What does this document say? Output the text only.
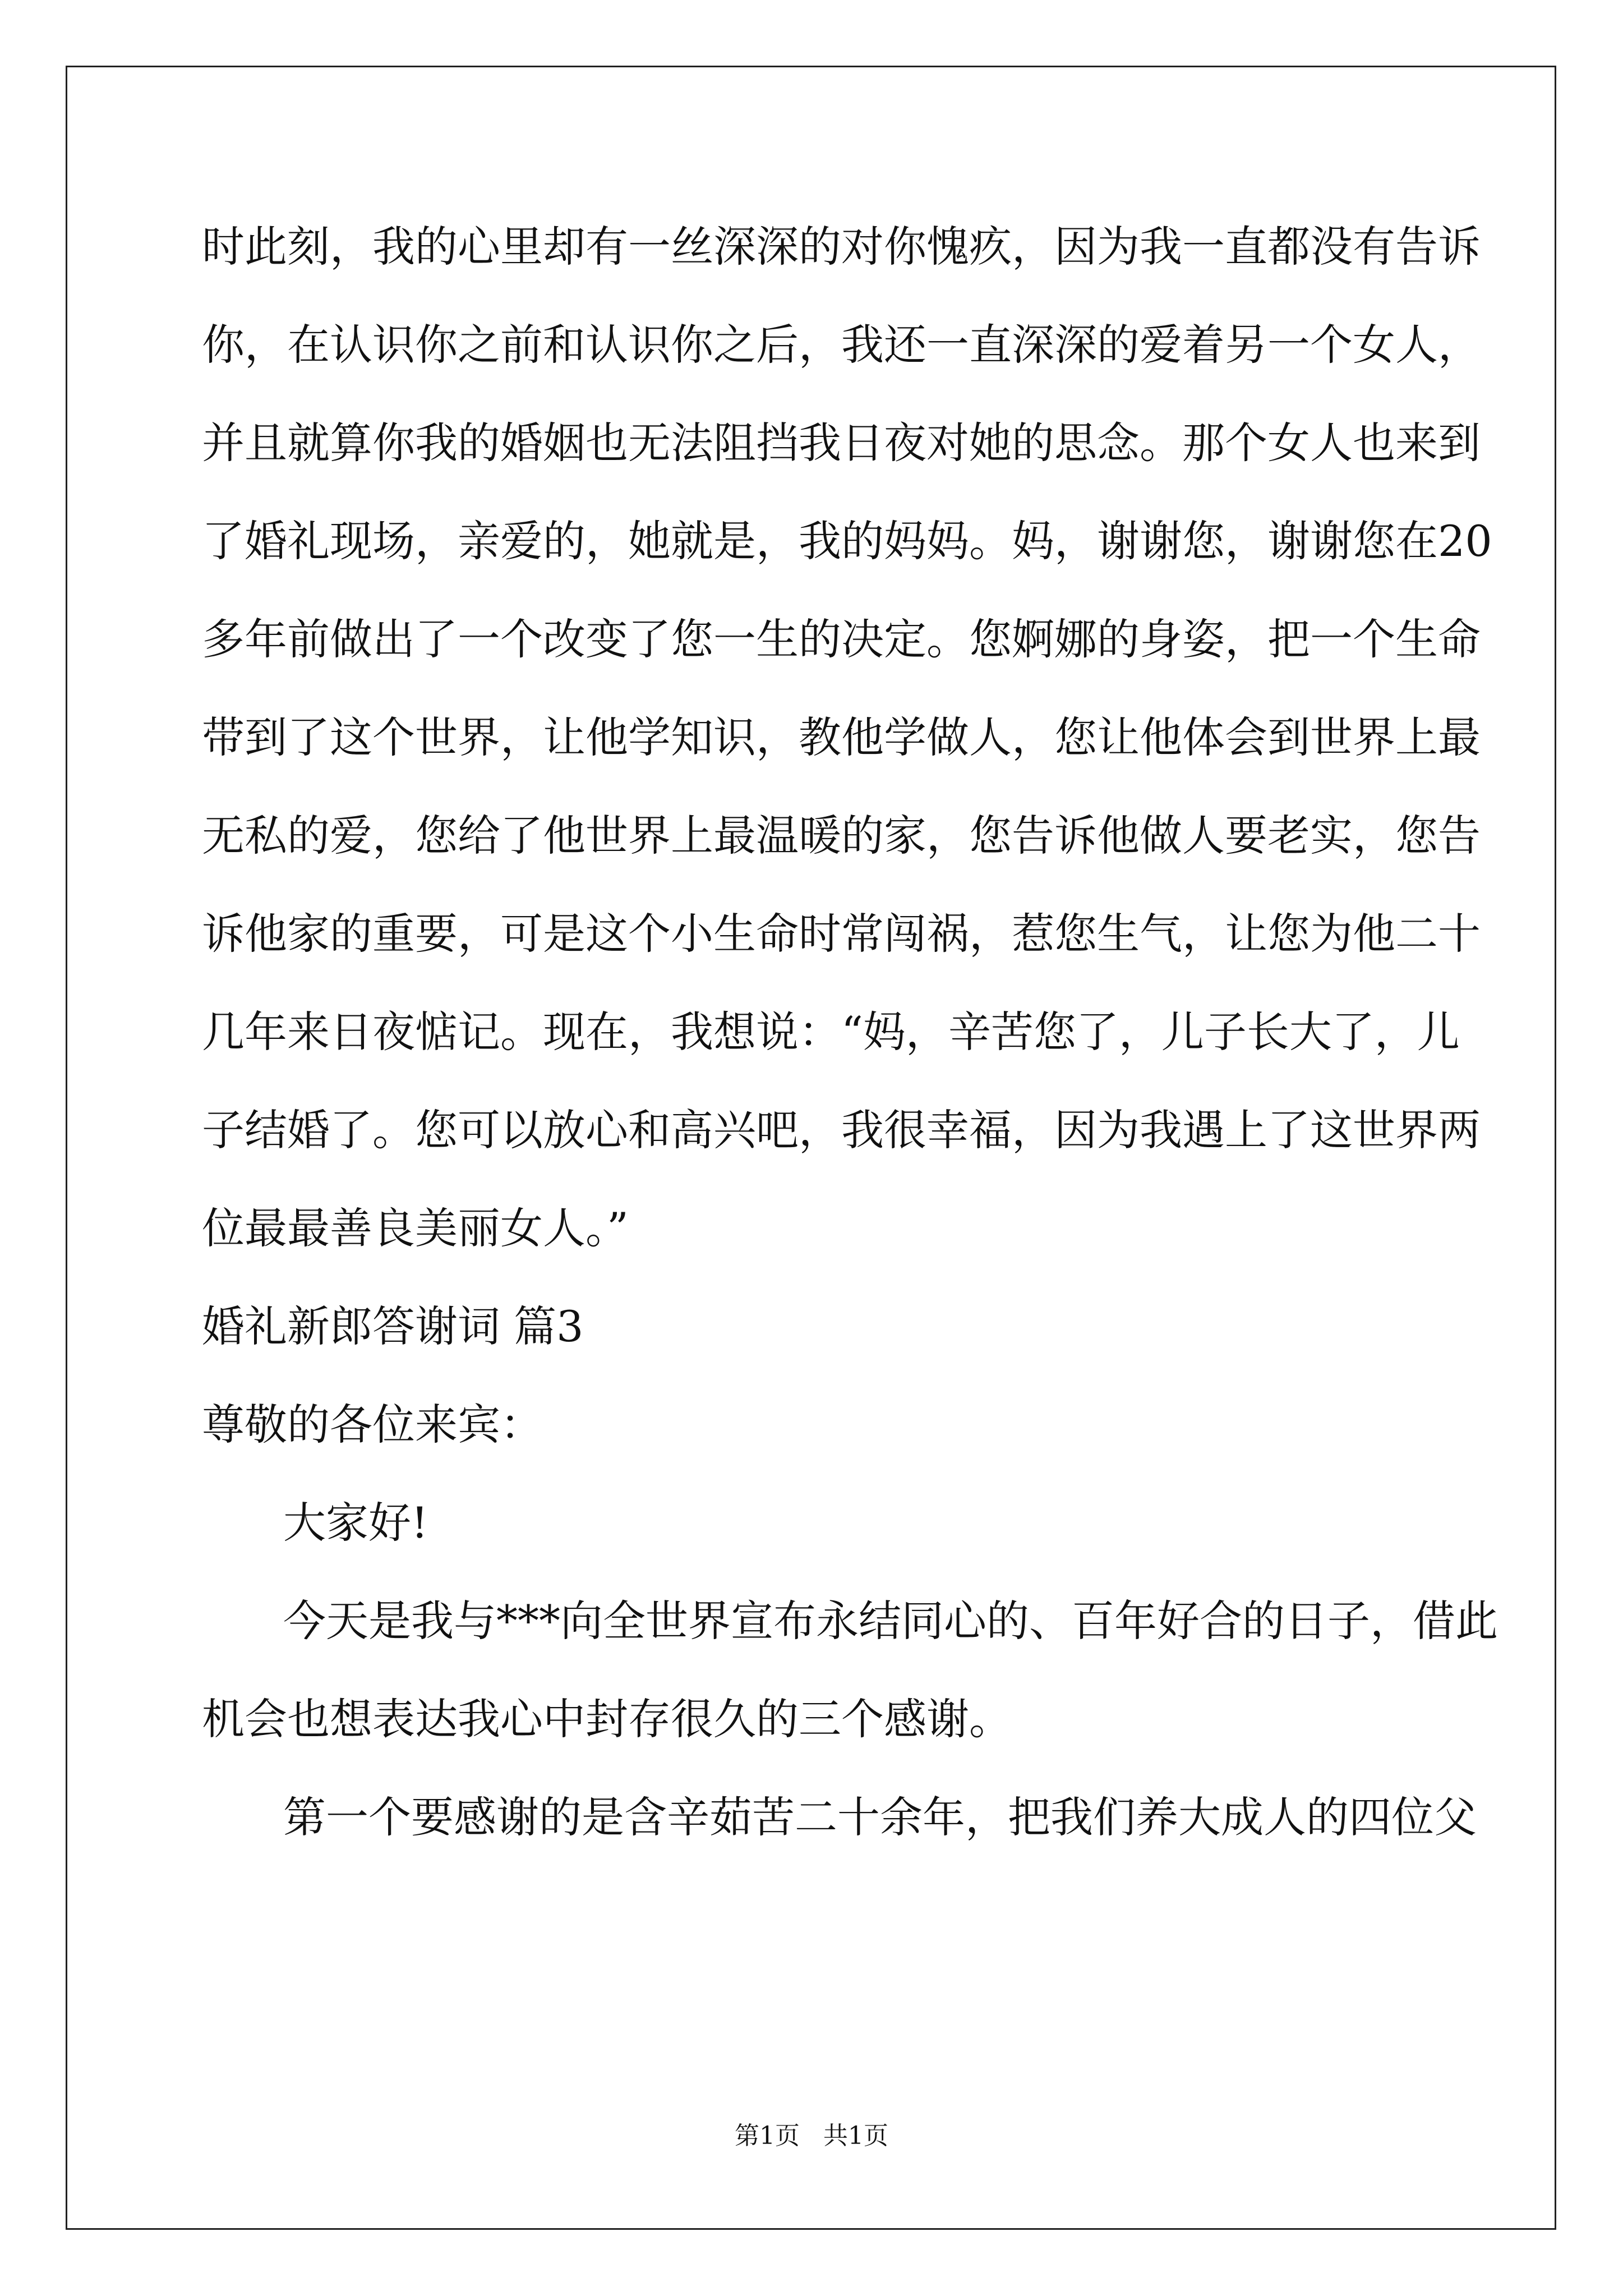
时此刻，我的心里却有一丝深深的对你愧疚，因为我一直都没有告诉
你，在认识你之前和认识你之后，我还一直深深的爱着另一个女人，
并且就算你我的婚姻也无法阻挡我日夜对她的思念。那个女人也来到
了婚礼现场，亲爱的，她就是，我的妈妈。妈，谢谢您，谢谢您在20
多年前做出了一个改变了您一生的决定。您婀娜的身姿，把一个生命
带到了这个世界，让他学知识，教他学做人，您让他体会到世界上最
无私的爱，您给了他世界上最温暖的家，您告诉他做人要老实，您告
诉他家的重要，可是这个小生命时常闯祸，惹您生气，让您为他二十
几年来日夜惦记。现在，我想说：“妈，辛苦您了，儿子长大了，儿
子结婚了。您可以放心和高兴吧，我很幸福，因为我遇上了这世界两
位最最善良美丽女人。”
婚礼新郎答谢词 篇3
尊敬的各位来宾：
大家好!
今天是我与***向全世界宣布永结同心的、百年好合的日子，借此
机会也想表达我心中封存很久的三个感谢。
第一个要感谢的是含辛茹苦二十余年，把我们养大成人的四位父
第1页   共1页
